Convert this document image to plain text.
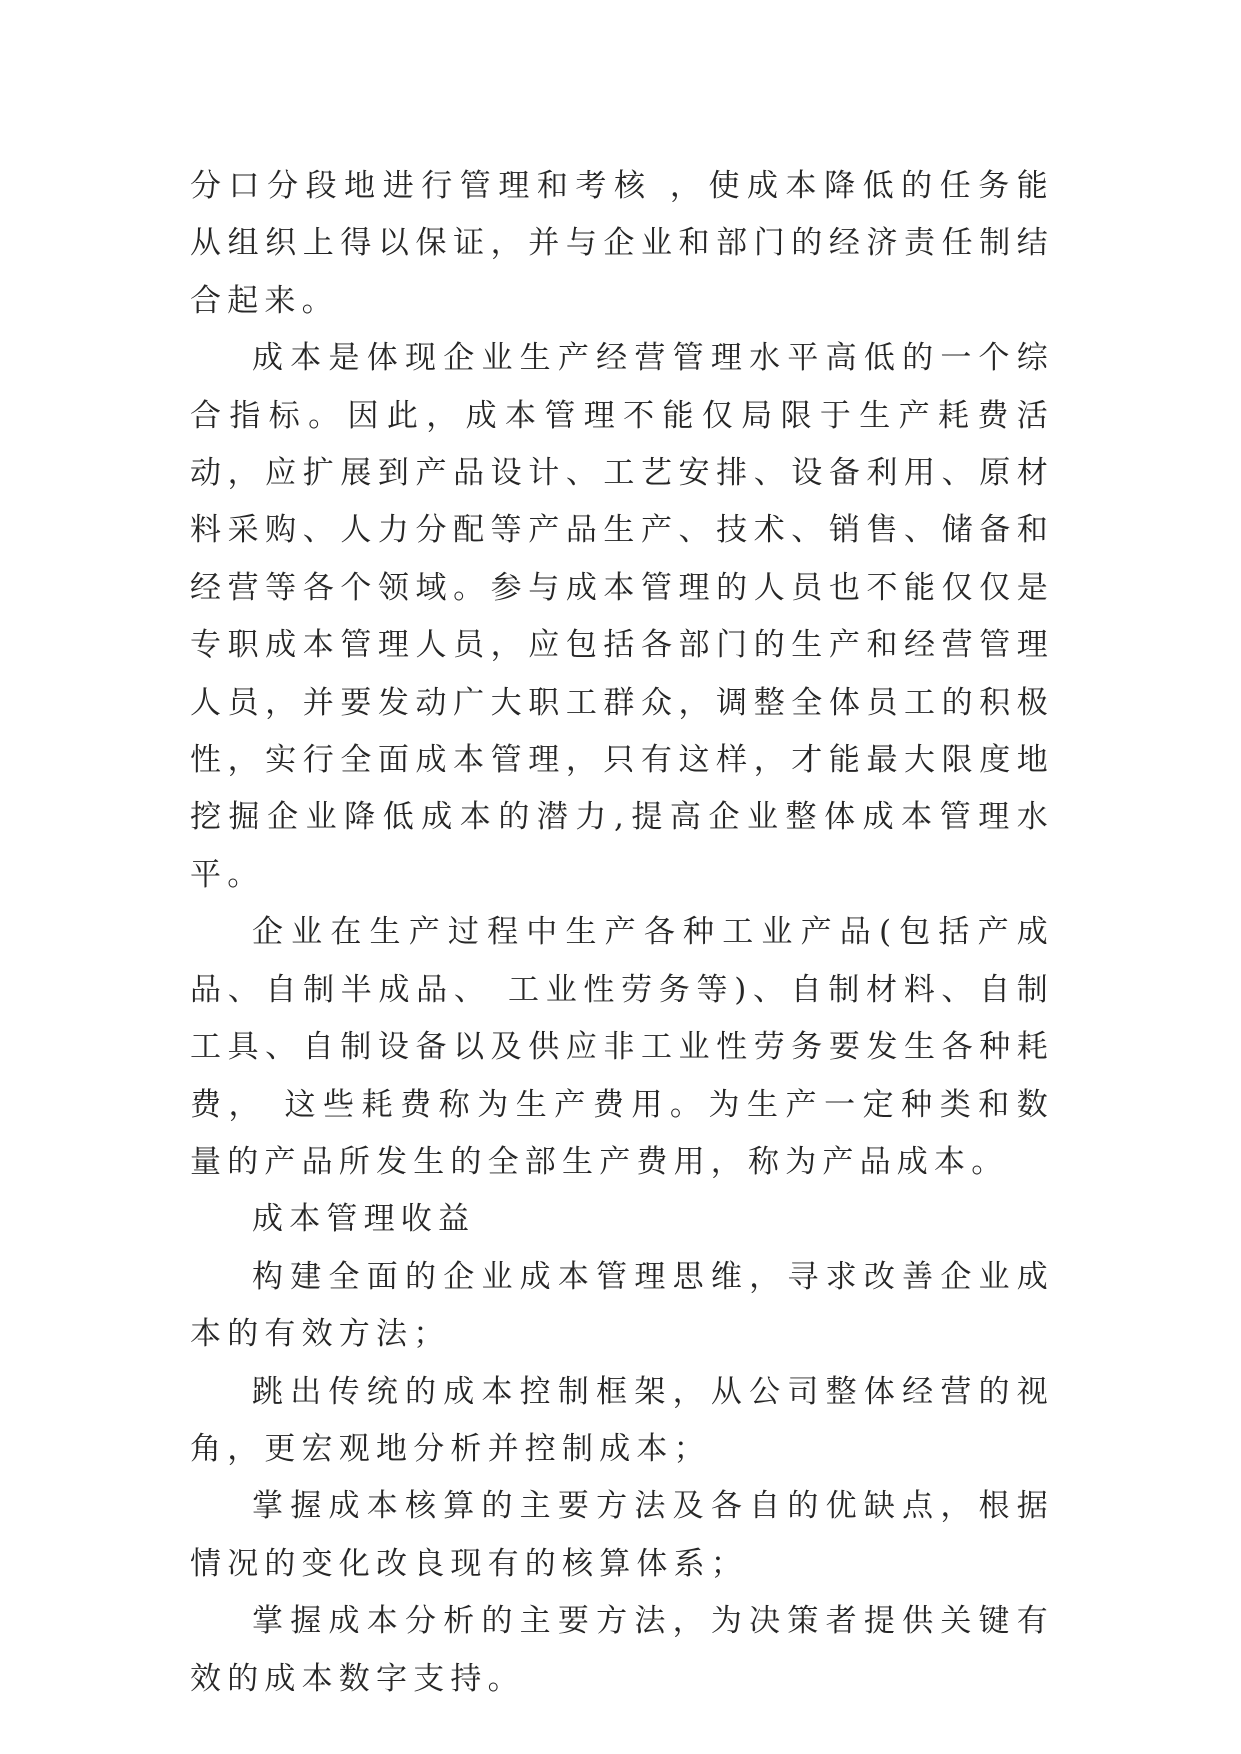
分口分段地进行管理和考核 ，使成本降低的任务能从组织上得以保证，并与企业和部门的经济责任制结合起来。

成本是体现企业生产经营管理水平高低的一个综合指标。因此，成本管理不能仅局限于生产耗费活动，应扩展到产品设计、工艺安排、设备利用、原材料采购、人力分配等产品生产、技术、销售、储备和经营等各个领域。参与成本管理的人员也不能仅仅是专职成本管理人员，应包括各部门的生产和经营管理人员，并要发动广大职工群众，调整全体员工的积极性，实行全面成本管理，只有这样，才能最大限度地挖掘企业降低成本的潜力,提高企业整体成本管理水平。

企业在生产过程中生产各种工业产品(包括产成品、自制半成品、 工业性劳务等)、自制材料、自制工具、自制设备以及供应非工业性劳务要发生各种耗费， 这些耗费称为生产费用。为生产一定种类和数量的产品所发生的全部生产费用，称为产品成本。

成本管理收益

构建全面的企业成本管理思维，寻求改善企业成本的有效方法；

跳出传统的成本控制框架，从公司整体经营的视角，更宏观地分析并控制成本；

掌握成本核算的主要方法及各自的优缺点，根据情况的变化改良现有的核算体系；

掌握成本分析的主要方法，为决策者提供关键有效的成本数字支持。
